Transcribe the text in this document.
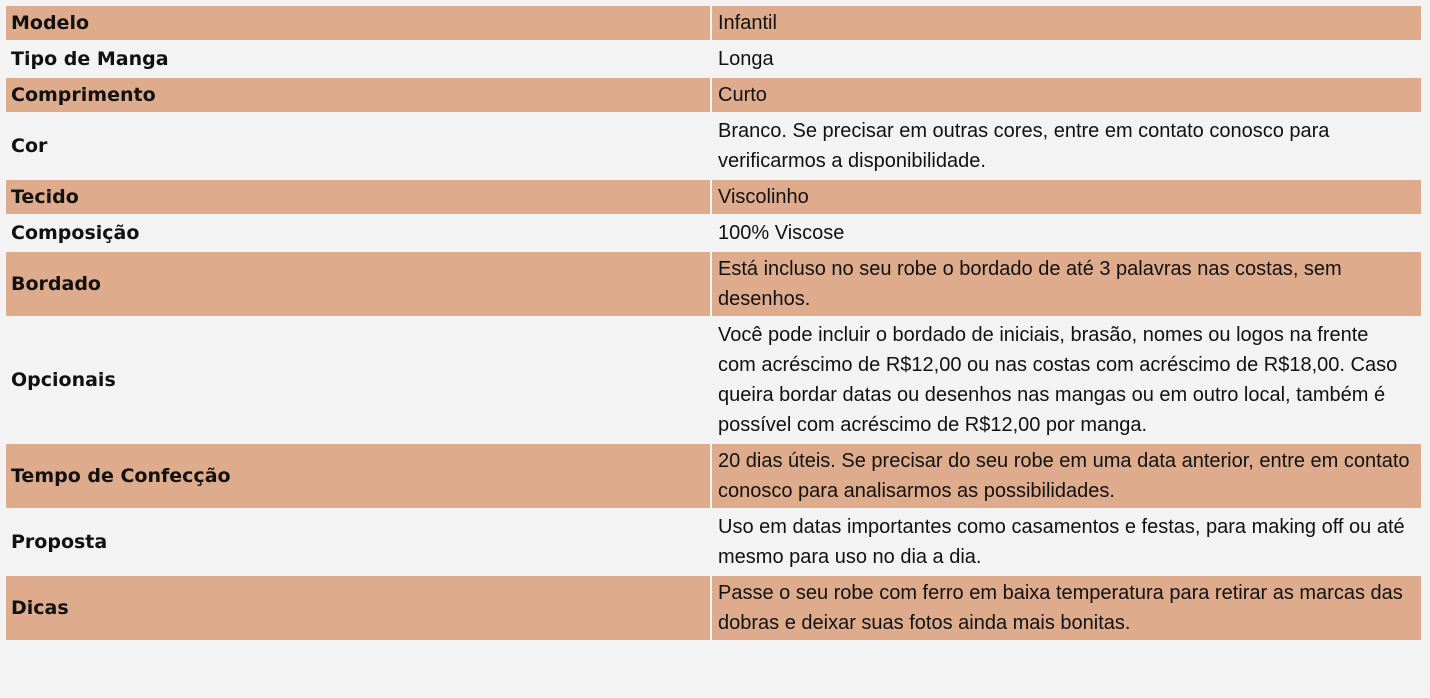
Modelo	Infantil
Tipo de Manga	Longa
Comprimento	Curto
Cor	Branco. Se precisar em outras cores, entre em contato conosco para verificarmos a disponibilidade.
Tecido	Viscolinho
Composição	100% Viscose
Bordado	Está incluso no seu robe o bordado de até 3 palavras nas costas, sem desenhos.
Opcionais	Você pode incluir o bordado de iniciais, brasão, nomes ou logos na frente com acréscimo de R$12,00 ou nas costas com acréscimo de R$18,00. Caso queira bordar datas ou desenhos nas mangas ou em outro local, também é possível com acréscimo de R$12,00 por manga.
Tempo de Confecção	20 dias úteis. Se precisar do seu robe em uma data anterior, entre em contato conosco para analisarmos as possibilidades.
Proposta	Uso em datas importantes como casamentos e festas, para making off ou até mesmo para uso no dia a dia.
Dicas	Passe o seu robe com ferro em baixa temperatura para retirar as marcas das dobras e deixar suas fotos ainda mais bonitas.
